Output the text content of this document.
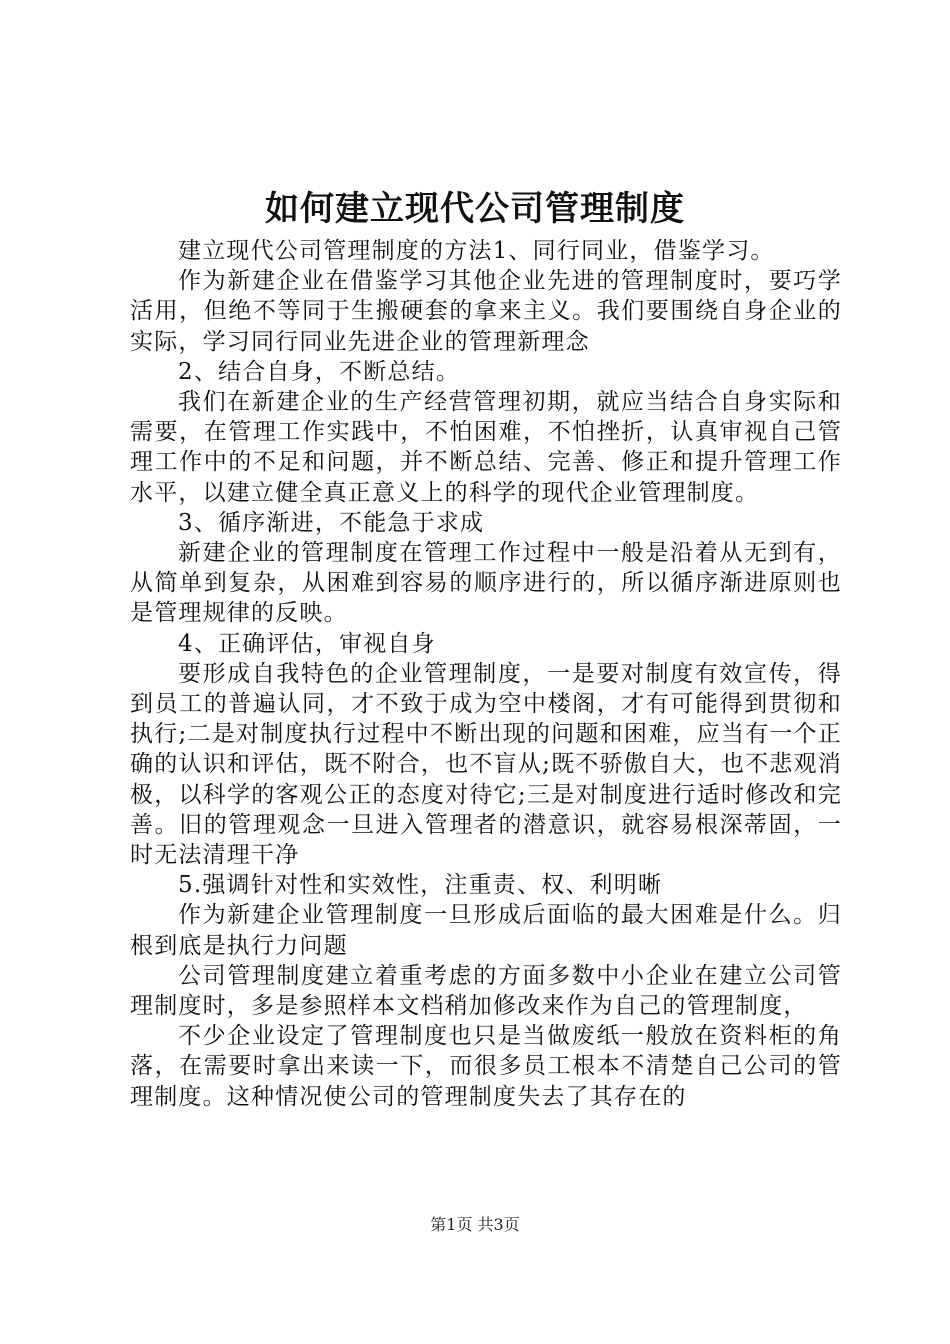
如何建立现代公司管理制度

建立现代公司管理制度的方法1、同行同业，借鉴学习。

作为新建企业在借鉴学习其他企业先进的管理制度时，要巧学活用，但绝不等同于生搬硬套的拿来主义。我们要围绕自身企业的实际，学习同行同业先进企业的管理新理念

2、结合自身，不断总结。

我们在新建企业的生产经营管理初期，就应当结合自身实际和需要，在管理工作实践中，不怕困难，不怕挫折，认真审视自己管理工作中的不足和问题，并不断总结、完善、修正和提升管理工作水平，以建立健全真正意义上的科学的现代企业管理制度。

3、循序渐进，不能急于求成

新建企业的管理制度在管理工作过程中一般是沿着从无到有，从简单到复杂，从困难到容易的顺序进行的，所以循序渐进原则也是管理规律的反映。

4、正确评估，审视自身

要形成自我特色的企业管理制度，一是要对制度有效宣传，得到员工的普遍认同，才不致于成为空中楼阁，才有可能得到贯彻和执行;二是对制度执行过程中不断出现的问题和困难，应当有一个正确的认识和评估，既不附合，也不盲从;既不骄傲自大，也不悲观消极，以科学的客观公正的态度对待它;三是对制度进行适时修改和完善。旧的管理观念一旦进入管理者的潜意识，就容易根深蒂固，一时无法清理干净

5.强调针对性和实效性，注重责、权、利明晰

作为新建企业管理制度一旦形成后面临的最大困难是什么。归根到底是执行力问题

公司管理制度建立着重考虑的方面多数中小企业在建立公司管理制度时，多是参照样本文档稍加修改来作为自己的管理制度，

不少企业设定了管理制度也只是当做废纸一般放在资料柜的角落，在需要时拿出来读一下，而很多员工根本不清楚自己公司的管理制度。这种情况使公司的管理制度失去了其存在的

第1页 共3页
